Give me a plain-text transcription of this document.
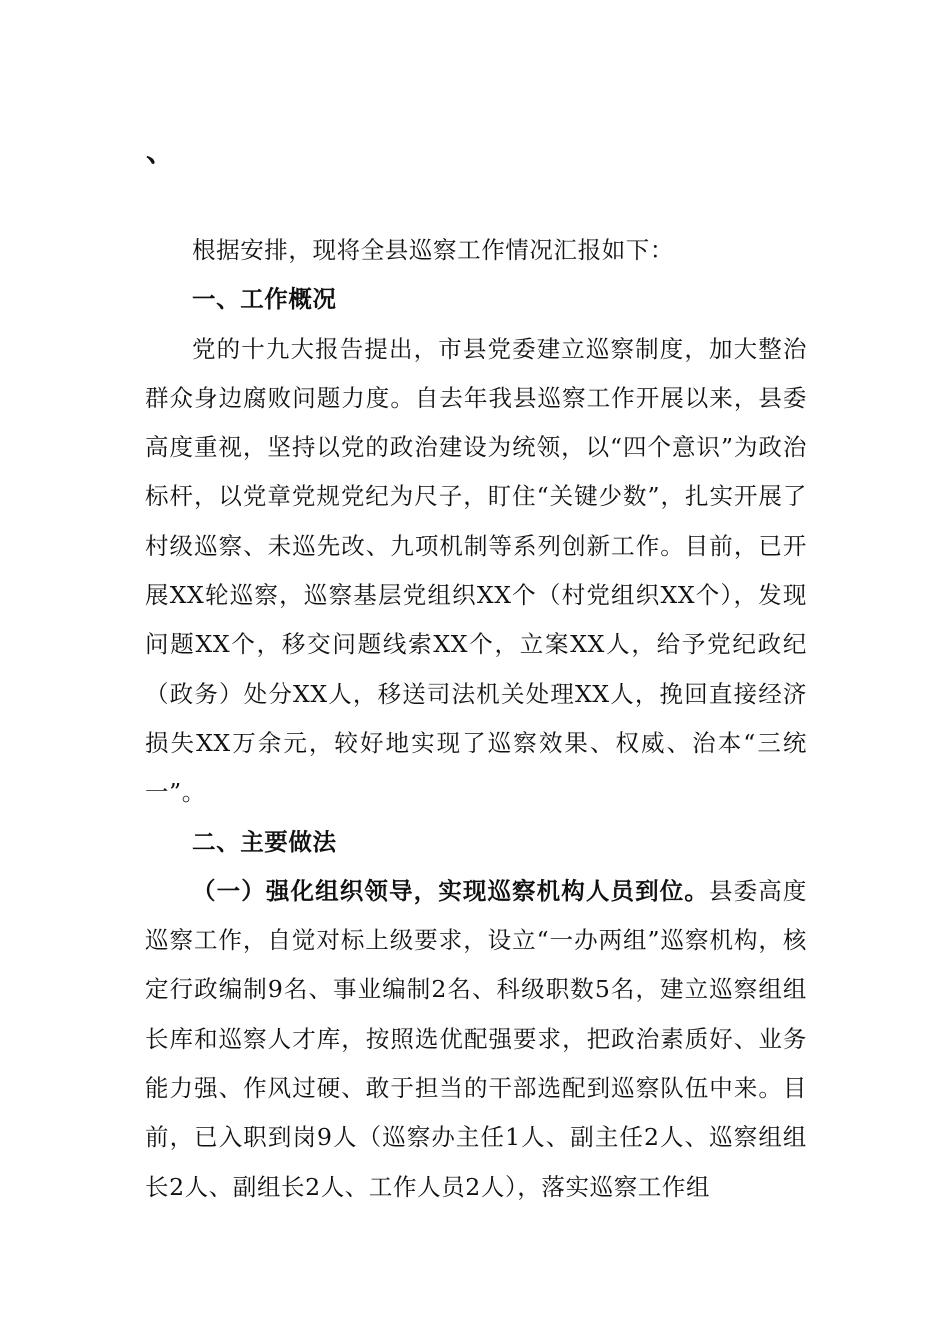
、

根据安排，现将全县巡察工作情况汇报如下：

一、工作概况

党的十九大报告提出，市县党委建立巡察制度，加大整治群众身边腐败问题力度。自去年我县巡察工作开展以来，县委高度重视，坚持以党的政治建设为统领，以“四个意识”为政治标杆，以党章党规党纪为尺子，盯住“关键少数”，扎实开展了村级巡察、未巡先改、九项机制等系列创新工作。目前，已开展XX轮巡察，巡察基层党组织XX个（村党组织XX个），发现问题XX个，移交问题线索XX个，立案XX人，给予党纪政纪（政务）处分XX人，移送司法机关处理XX人，挽回直接经济损失XX万余元，较好地实现了巡察效果、权威、治本“三统一”。

二、主要做法

（一）强化组织领导，实现巡察机构人员到位。县委高度巡察工作，自觉对标上级要求，设立“一办两组”巡察机构，核定行政编制9名、事业编制2名、科级职数5名，建立巡察组组长库和巡察人才库，按照选优配强要求，把政治素质好、业务能力强、作风过硬、敢于担当的干部选配到巡察队伍中来。目前，已入职到岗9人（巡察办主任1人、副主任2人、巡察组组长2人、副组长2人、工作人员2人），落实巡察工作组
